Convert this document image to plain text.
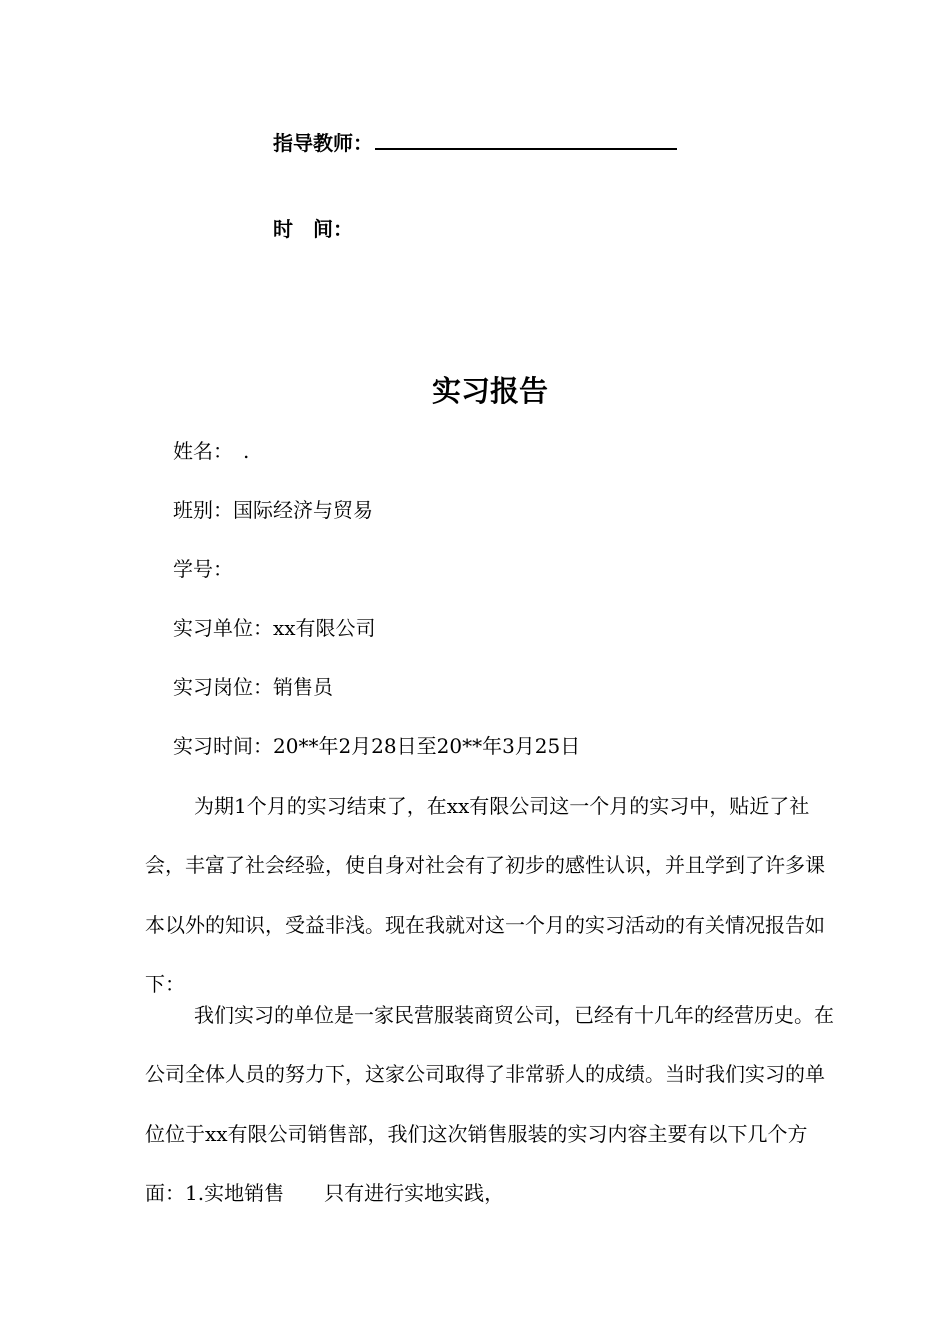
指导教师：
时　间：
实习报告
姓名：　.
班别：国际经济与贸易
学号：
实习单位：xx有限公司
实习岗位：销售员
实习时间：20**年2月28日至20**年3月25日
为期1个月的实习结束了，在xx有限公司这一个月的实习中，贴近了社会，丰富了社会经验，使自身对社会有了初步的感性认识，并且学到了许多课本以外的知识，受益非浅。现在我就对这一个月的实习活动的有关情况报告如下：
我们实习的单位是一家民营服装商贸公司，已经有十几年的经营历史。在公司全体人员的努力下，这家公司取得了非常骄人的成绩。当时我们实习的单位位于xx有限公司销售部，我们这次销售服装的实习内容主要有以下几个方面：1.实地销售　　只有进行实地实践，
